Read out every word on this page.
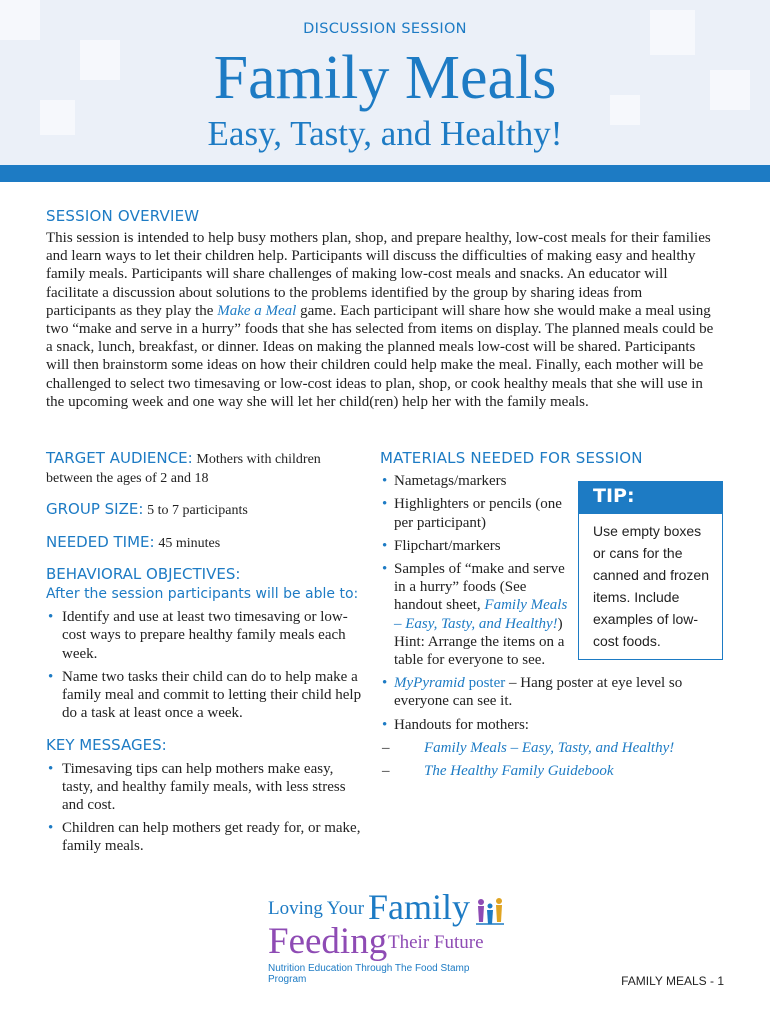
DISCUSSION SESSION
Family Meals
Easy, Tasty, and Healthy!
SESSION OVERVIEW

This session is intended to help busy mothers plan, shop, and prepare healthy, low-cost meals for their families and learn ways to let their children help. Participants will discuss the difficulties of making easy and healthy family meals. Participants will share challenges of making low-cost meals and snacks. An educator will facilitate a discussion about solutions to the problems identified by the group by sharing ideas from participants as they play the Make a Meal game. Each participant will share how she would make a meal using two “make and serve in a hurry” foods that she has selected from items on display. The planned meals could be a snack, lunch, breakfast, or dinner. Ideas on making the planned meals low-cost will be shared. Participants will then brainstorm some ideas on how their children could help make the meal. Finally, each mother will be challenged to select two timesaving or low-cost ideas to plan, shop, or cook healthy meals that she will use in the upcoming week and one way she will let her child(ren) help her with the family meals.

TARGET AUDIENCE: Mothers with children between the ages of 2 and 18
GROUP SIZE: 5 to 7 participants
NEEDED TIME: 45 minutes
BEHAVIORAL OBJECTIVES:
After the session participants will be able to:
• Identify and use at least two timesaving or low-cost ways to prepare healthy family meals each week.
• Name two tasks their child can do to help make a family meal and commit to letting their child help do a task at least once a week.
KEY MESSAGES:
• Timesaving tips can help mothers make easy, tasty, and healthy family meals, with less stress and cost.
• Children can help mothers get ready for, or make, family meals.
MATERIALS NEEDED FOR SESSION
• Nametags/markers
• Highlighters or pencils (one per participant)
• Flipchart/markers
• Samples of “make and serve in a hurry” foods (See handout sheet, Family Meals – Easy, Tasty, and Healthy!) Hint: Arrange the items on a table for everyone to see.
• MyPyramid poster – Hang poster at eye level so everyone can see it.
• Handouts for mothers:
– Family Meals – Easy, Tasty, and Healthy!
– The Healthy Family Guidebook
TIP:
Use empty boxes or cans for the canned and frozen items. Include examples of low-cost foods.
Loving Your Family
Feeding Their Future
Nutrition Education Through The Food Stamp Program	FAMILY MEALS - 1
